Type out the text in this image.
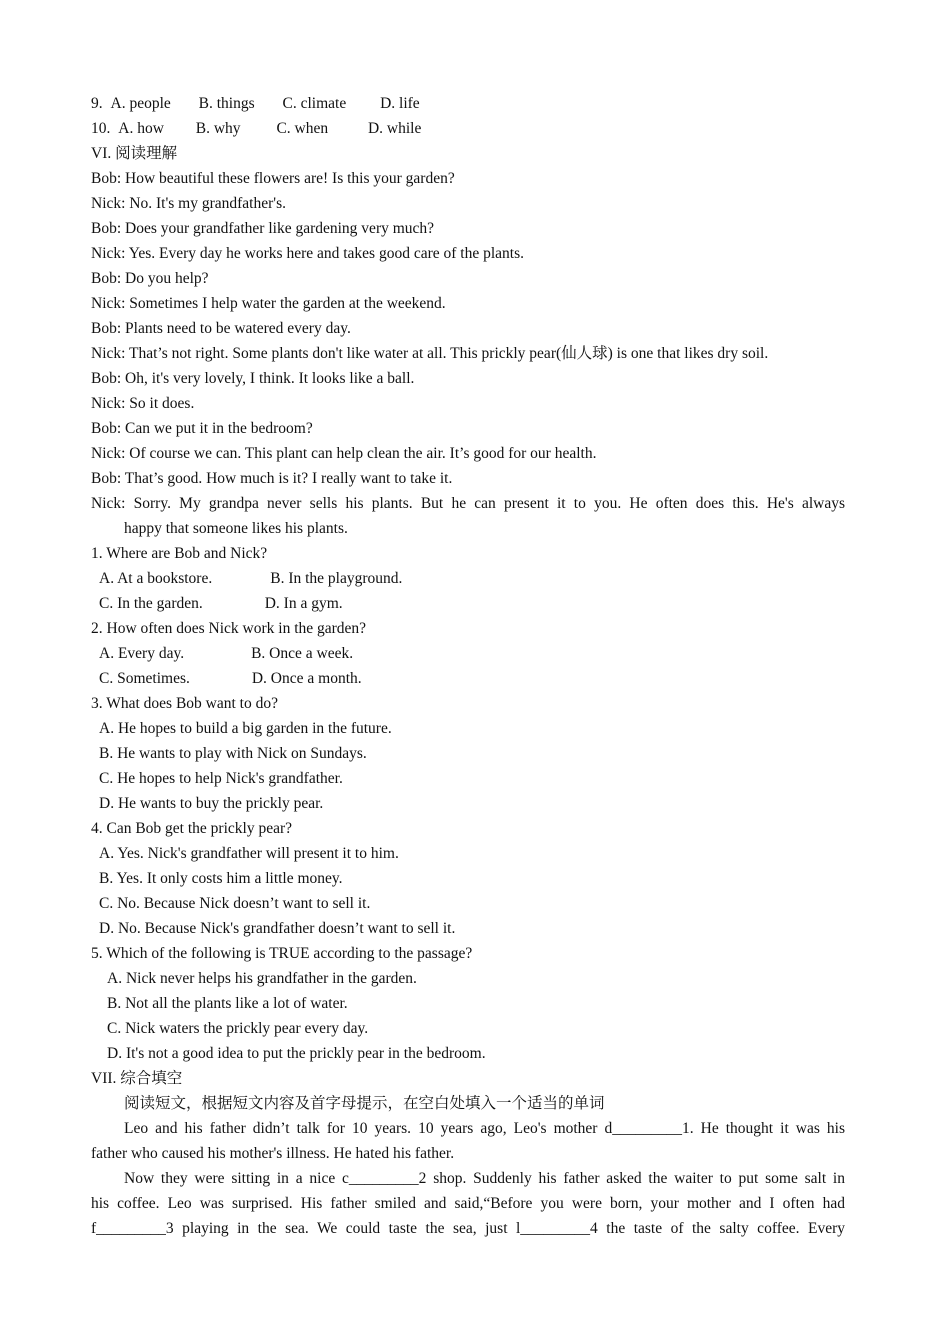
9. A. people B. things C. climate D. life
10. A. how B. why C. when	D. while
VI. 阅读理解
Bob: How beautiful these flowers are! Is this your garden?
Nick: No. It's my grandfather's.
Bob: Does your grandfather like gardening very much?
Nick: Yes. Every day he works here and takes good care of the plants.
Bob: Do you help?
Nick: Sometimes I help water the garden at the weekend.
Bob: Plants need to be watered every day.
Nick: That’s not right. Some plants don't like water at all. This prickly pear(仙人球) is one that likes dry soil.
Bob: Oh, it's very lovely, I think. It looks like a ball.
Nick: So it does.
Bob: Can we put it in the bedroom?
Nick: Of course we can. This plant can help clean the air. It’s good for our health.
Bob: That’s good. How much is it? I really want to take it.
Nick: Sorry. My grandpa never sells his plants. But he can present it to you. He often does this. He's always
happy that someone likes his plants.
1. Where are Bob and Nick?
A. At a bookstore.	B. In the playground.
C. In the garden.	D. In a gym.
2. How often does Nick work in the garden?
A. Every day.	B. Once a week.
C. Sometimes.	D. Once a month.
3. What does Bob want to do?
A. He hopes to build a big garden in the future.
B. He wants to play with Nick on Sundays.
C. He hopes to help Nick's grandfather.
D. He wants to buy the prickly pear.
4. Can Bob get the prickly pear?
A. Yes. Nick's grandfather will present it to him.
B. Yes. It only costs him a little money.
C. No. Because Nick doesn’t want to sell it.
D. No. Because Nick's grandfather doesn’t want to sell it.
5. Which of the following is TRUE according to the passage?
A. Nick never helps his grandfather in the garden.
B. Not all the plants like a lot of water.
C. Nick waters the prickly pear every day.
D. It's not a good idea to put the prickly pear in the bedroom.
VII. 综合填空
阅读短文，根据短文内容及首字母提示，在空白处填入一个适当的单词
Leo and his father didn’t talk for 10 years. 10 years ago, Leo's mother d_________1. He thought it was his
father who caused his mother's illness. He hated his father.
Now they were sitting in a nice c_________2 shop. Suddenly his father asked the waiter to put some salt in
his coffee. Leo was surprised. His father smiled and said,“Before you were born, your mother and I often had
f_________3 playing in the sea. We could taste the sea, just l_________4 the taste of the salty coffee. Every
